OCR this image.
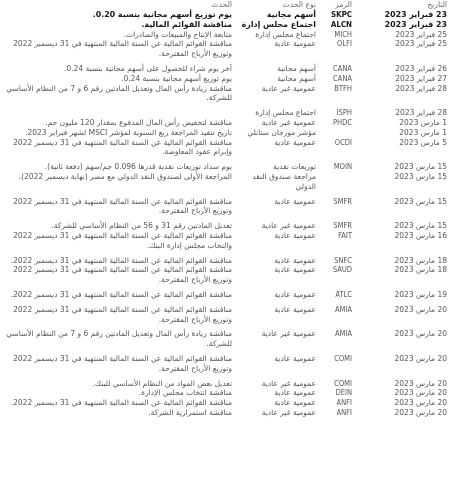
التاريخ	الرمز	نوع الحدث	الحدث
23 فبراير 2023	SKPC	أسهم مجانية	يوم توزيع أسهم مجانية بنسبة 0.20.
23 فبراير 2023	ALCN	اجتماع مجلس إدارة	مناقشة القوائم المالية.
25 فبراير 2023	MICH	اجتماع مجلس إدارة	متابعة الإنتاج والمبيعات والصادرات.
25 فبراير 2023	OLFI	عمومية عادية	مناقشة القوائم المالية عن السنة المالية المنتهية في 31 ديسمبر 2022 وتوزيع الأرباح المقترحة.
26 فبراير 2023	CANA	أسهم مجانية	آخر يوم شراء للحصول على أسهم مجانية بنسبة 0.24.
27 فبراير 2023	CANA	أسهم مجانية	يوم توزيع أسهم مجانية بنسبة 0.24.
28 فبراير 2023	BTFH	عمومية غير عادية	مناقشة زيادة رأس المال وتعديل المادتين رقم 6 و 7 من النظام الأساسي للشركة.
28 فبراير 2023	ISPH	اجتماع مجلس إدارة	
1 مارس 2023	PHDC	عمومية غير عادية	مناقشة لتخفيض رأس المال المدفوع بمقدار 120 مليون جم.
1 مارس 2023		مؤشر مورجان ستانلي	تاريخ تنفيذ المراجعة ربع السنوية لمؤشر MSCI لشهر فبراير 2023.
5 مارس 2023	OCDI	عمومية عادية	مناقشة القوائم المالية عن السنة المالية المنتهية في 31 ديسمبر 2022 وإبرام عقود المعاوضة.
15 مارس 2023	MOIN	توزيعات نقدية	يوم سداد توزيعات نقدية قدرها 0.096 جم/سهم (دفعة ثانية).
15 مارس 2023		مراجعة صندوق النقد الدولي	المراجعة الأولى لصندوق النقد الدولي مع مصر (نهاية ديسمبر 2022).
15 مارس 2023	SMFR	عمومية عادية	مناقشة القوائم المالية عن السنة المالية المنتهية في 31 ديسمبر 2022 وتوزيع الأرباح المقترحة.
15 مارس 2023	SMFR	عمومية غير عادية	تعديل المادتين رقم 31 و 56 من النظام الأساسي للشركة.
16 مارس 2023	FAIT	عمومية عادية	مناقشة القوائم المالية عن السنة المالية المنتهية في 31 ديسمبر 2022 والتخاب مجلس إدارة البنك.
18 مارس 2023	SNFC	عمومية عادية	مناقشة القوائم المالية عن السنة المالية المنتهية في 31 ديسمبر 2022.
18 مارس 2023	SAUD	عمومية عادية	مناقشة القوائم المالية عن السنة المالية المنتهية في 31 ديسمبر 2022 وتوزيع الأرباح المقترحة.
19 مارس 2023	ATLC	عمومية عادية	مناقشة القوائم المالية عن السنة المالية المنتهية في 31 ديسمبر 2022.
20 مارس 2023	AMIA	عمومية عادية	مناقشة القوائم المالية عن السنة المالية المنتهية في 31 ديسمبر 2022 وتوزيع الأرباح المقترحة.
20 مارس 2023	AMIA	عمومية غير عادية	مناقشة زيادة رأس المال وتعديل المادتين رقم 6 و 7 من النظام الأساسي للشركة.
20 مارس 2023	COMI	عمومية عادية	مناقشة القوائم المالية عن السنة المالية المنتهية في 31 ديسمبر 2022 وتوزيع الأرباح المقترحة.
20 مارس 2023	COMI	عمومية غير عادية	تعديل بعض المواد من النظام الأساسي للبنك.
20 مارس 2023	DEIN	عمومية عادية	مناقشة انتخاب مجلس الإدارة.
20 مارس 2023	ANFI	عمومية عادية	مناقشة القوائم المالية عن السنة المالية المنتهية في 31 ديسمبر 2022.
20 مارس 2023	ANFI	عمومية غير عادية	مناقشة استمرارية الشركة.
